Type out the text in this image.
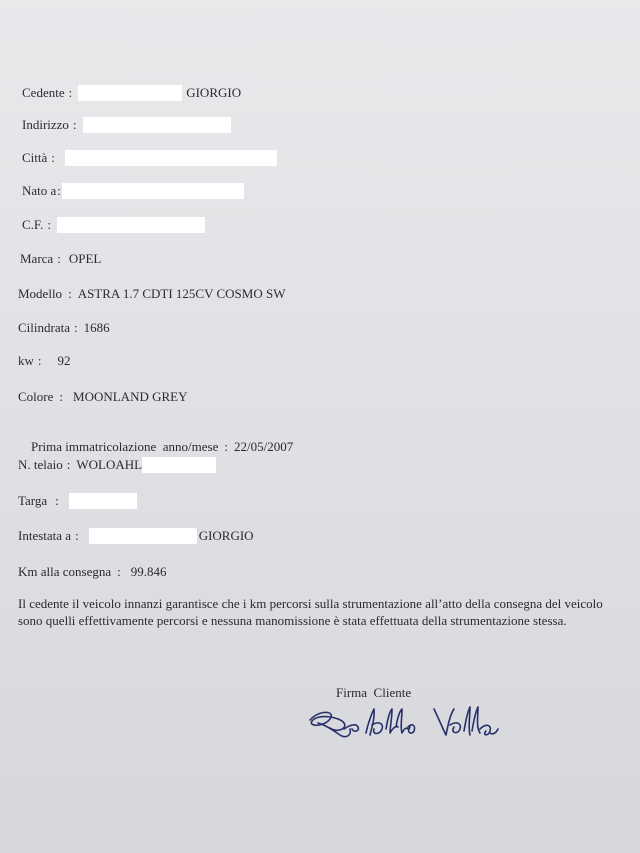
Cedente :	GIORGIO
Indirizzo :
Città :
Nato a:
C.F. :
Marca : OPEL
Modello : ASTRA 1.7 CDTI 125CV COSMO SW
Cilindrata : 1686
kw : 92
Colore : MOONLAND GREY

Prima immatricolazione  anno/mese : 22/05/2007

N. telaio : WOLOAHL
Targa :
Intestata a :	GIORGIO
Km alla consegna : 99.846
Il cedente il veicolo innanzi garantisce che i km percorsi sulla strumentazione all’atto della consegna del veicolo sono quelli effettivamente percorsi e nessuna manomissione è stata effettuata della strumentazione stessa.
Firma  Cliente
